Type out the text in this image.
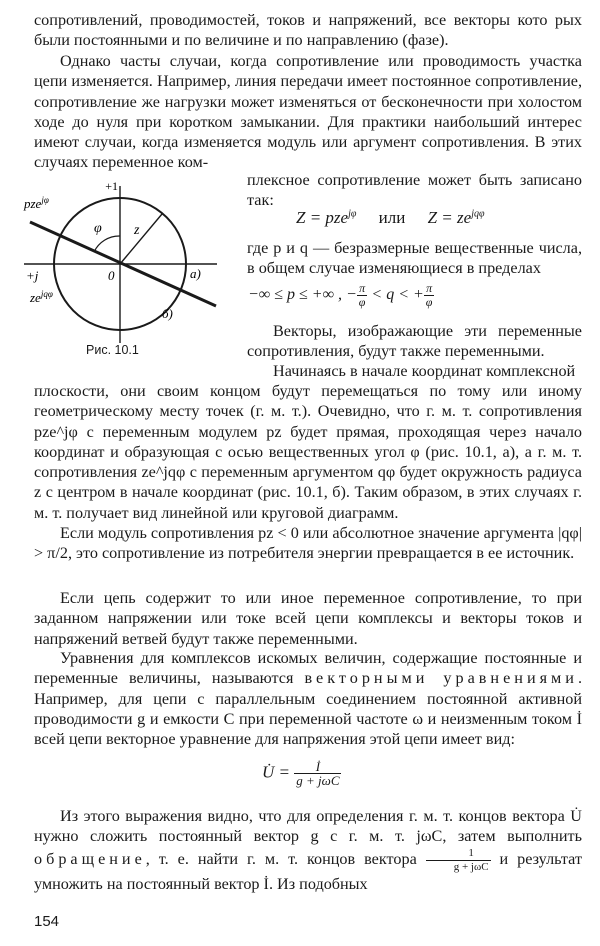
сопротивлений, проводимостей, токов и напряжений, все векторы кото рых были постоянными и по величине и по направлению (фазе).

Однако часты случаи, когда сопротивление или проводимость участка цепи изменяется. Например, линия передачи имеет постоянное сопротивление, сопротивление же нагрузки может изменяться от бесконечности при холостом ходе до нуля при коротком замыкании. Для практики наибольший интерес имеют случаи, когда изменяется модуль или аргумент сопротивления. В этих случаях переменное ком-

+1
+j	0
φ z
а)
б)
pze$^{j\varphi}$
$ze^{jq\varphi}$
Рис. 10.1

плексное сопротивление может быть записано так:

Z = pze$^{j\varphi}$ или $Z = ze^{jq\varphi}$

где p и q — безразмерные вещественные числа, в общем случае изменяющиеся в пределах

−∞ ≤ p ≤ +∞ , − $\frac{\pi}{\varphi} < q$ < + $\frac{\pi}{\varphi}$

Векторы, изображающие эти переменные сопротивления, будут также переменными.

Начинаясь в начале координат комплексной

плоскости, они своим концом будут перемещаться по тому или иному геометрическому месту точек (г. м. т.). Очевидно, что г. м. т. сопротивления pze^jφ с переменным модулем pz будет прямая, проходящая через начало координат и образующая с осью вещественных угол φ (рис. 10.1, а), а г. м. т. сопротивления ze^jqφ с переменным аргументом qφ будет окружность радиуса z с центром в начале координат (рис. 10.1, б). Таким образом, в этих случаях г. м. т. получает вид линейной или круговой диаграмм.

Если модуль сопротивления pz < 0 или абсолютное значение аргумента |qφ| > π/2, это сопротивление из потребителя энергии превращается в ее источник.

Если цепь содержит то или иное переменное сопротивление, то при заданном напряжении или токе всей цепи комплексы и векторы токов и напряжений ветвей будут также переменными.

Уравнения для комплексов искомых величин, содержащие постоянные и переменные величины, называются векторными уравнениями. Например, для цепи с параллельным соединением постоянной активной проводимости g и емкости C при переменной частоте ω и неизменным током İ всей цепи векторное уравнение для напряжения этой цепи имеет вид:

U̇ = $\frac{İ}{\text{g + jωC}}$

Из этого выражения видно, что для определения г. м. т. концов вектора U̇ нужно сложить постоянный вектор g с г. м. т. jωC, затем выполнить обращение, т. е. найти г. м. т. концов вектора $\frac{1}{\text{g + jωC}}$ и результат умножить на постоянный вектор İ. Из подобных

154
